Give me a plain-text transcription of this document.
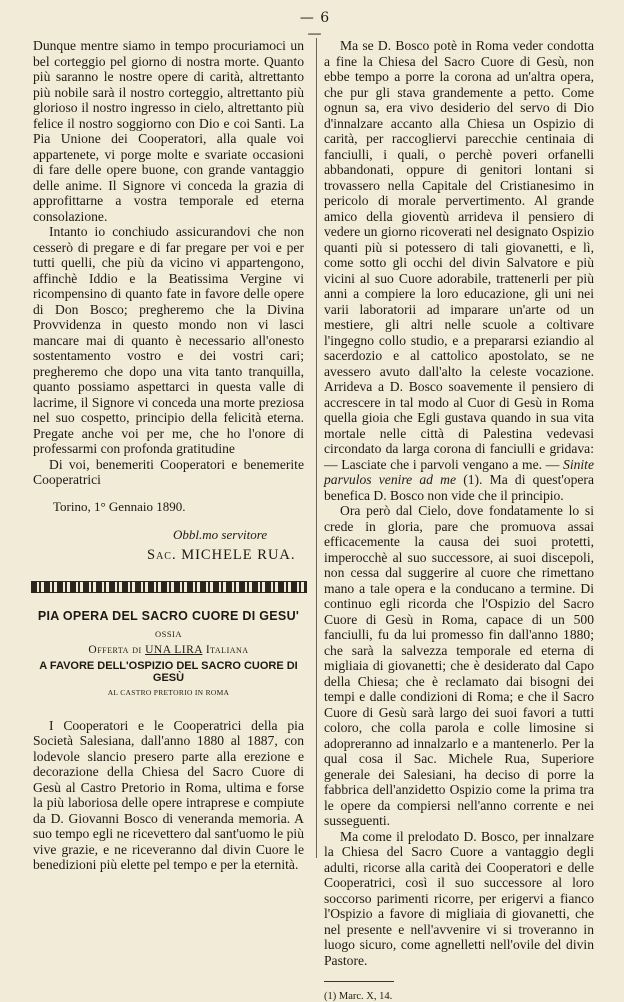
— 6 —

Dunque mentre siamo in tempo procuriamoci un bel corteggio pel giorno di nostra morte. Quanto più saranno le nostre opere di carità, altrettanto più nobile sarà il nostro corteggio, altrettanto più glorioso il nostro ingresso in cielo, altrettanto più felice il nostro soggiorno con Dio e coi Santi. La Pia Unione dei Cooperatori, alla quale voi appartenete, vi porge molte e svariate occasioni di fare delle opere buone, con grande vantaggio delle anime. Il Signore vi conceda la grazia di approfittarne a vostra temporale ed eterna consolazione.

Intanto io conchiudo assicurandovi che non cesserò di pregare e di far pregare per voi e per tutti quelli, che più da vicino vi appartengono, affinchè Iddio e la Beatissima Vergine vi ricompensino di quanto fate in favore delle opere di Don Bosco; pregheremo che la Divina Provvidenza in questo mondo non vi lasci mancare mai di quanto è necessario all'onesto sostentamento vostro e dei vostri cari; pregheremo che dopo una vita tanto tranquilla, quanto possiamo aspettarci in questa valle di lacrime, il Signore vi conceda una morte preziosa nel suo cospetto, principio della felicità eterna. Pregate anche voi per me, che ho l'onore di professarmi con profonda gratitudine

Di voi, benemeriti Cooperatori e benemerite Cooperatrici

Torino, 1° Gennaio 1890.
Obbl.mo servitore
Sac. MICHELE RUA.
PIA OPERA DEL SACRO CUORE DI GESU'
OSSIA
Offerta di UNA LIRA Italiana
A FAVORE DELL'OSPIZIO DEL SACRO CUORE DI GESÙ
AL CASTRO PRETORIO IN ROMA

I Cooperatori e le Cooperatrici della pia Società Salesiana, dall'anno 1880 al 1887, con lodevole slancio presero parte alla erezione e decorazione della Chiesa del Sacro Cuore di Gesù al Castro Pretorio in Roma, ultima e forse la più laboriosa delle opere intraprese e compiute da D. Giovanni Bosco di veneranda memoria. A suo tempo egli ne ricevettero dal sant'uomo le più vive grazie, e ne riceveranno dal divin Cuore le benedizioni più elette pel tempo e per la eternità.

Ma se D. Bosco potè in Roma veder condotta a fine la Chiesa del Sacro Cuore di Gesù, non ebbe tempo a porre la corona ad un'altra opera, che pur gli stava grandemente a petto. Come ognun sa, era vivo desiderio del servo di Dio d'innalzare accanto alla Chiesa un Ospizio di carità, per raccogliervi parecchie centinaia di fanciulli, i quali, o perchè poveri orfanelli abbandonati, oppure di genitori lontani si trovassero nella Capitale del Cristianesimo in pericolo di morale pervertimento. Al grande amico della gioventù arrideva il pensiero di vedere un giorno ricoverati nel designato Ospizio quanti più si potessero di tali giovanetti, e lì, come sotto gli occhi del divin Salvatore e più vicini al suo Cuore adorabile, trattenerli per più anni a compiere la loro educazione, gli uni nei varii laboratorii ad imparare un'arte od un mestiere, gli altri nelle scuole a coltivare l'ingegno collo studio, e a prepararsi eziandio al sacerdozio e al cattolico apostolato, se ne avessero avuto dall'alto la celeste vocazione. Arrideva a D. Bosco soavemente il pensiero di accrescere in tal modo al Cuor di Gesù in Roma quella gioia che Egli gustava quando in sua vita mortale nelle città di Palestina vedevasi circondato da larga corona di fanciulli e gridava: — Lasciate che i parvoli vengano a me. — Sinite parvulos venire ad me (1). Ma di quest'opera benefica D. Bosco non vide che il principio.

Ora però dal Cielo, dove fondatamente lo si crede in gloria, pare che promuova assai efficacemente la causa dei suoi protetti, imperocchè al suo successore, ai suoi discepoli, non cessa dal suggerire al cuore che rimettano mano a tale opera e la conducano a termine. Di continuo egli ricorda che l'Ospizio del Sacro Cuore di Gesù in Roma, capace di un 500 fanciulli, fu da lui promesso fin dall'anno 1880; che sarà la salvezza temporale ed eterna di migliaia di giovanetti; che è desiderato dal Capo della Chiesa; che è reclamato dai bisogni dei tempi e dalle condizioni di Roma; e che il Sacro Cuore di Gesù sarà largo dei suoi favori a tutti coloro, che colla parola e colle limosine si adopreranno ad innalzarlo e a mantenerlo. Per la qual cosa il Sac. Michele Rua, Superiore generale dei Salesiani, ha deciso di porre la fabbrica dell'anzidetto Ospizio come la prima tra le opere da compiersi nell'anno corrente e nei susseguenti.

Ma come il prelodato D. Bosco, per innalzare la Chiesa del Sacro Cuore a vantaggio degli adulti, ricorse alla carità dei Cooperatori e delle Cooperatrici, così il suo successore al loro soccorso parimenti ricorre, per erigervi a fianco l'Ospizio a favore di migliaia di giovanetti, che nel presente e nell'avvenire vi si troveranno in luogo sicuro, come agnelletti nell'ovile del divin Pastore.

(1) Marc. X, 14.
